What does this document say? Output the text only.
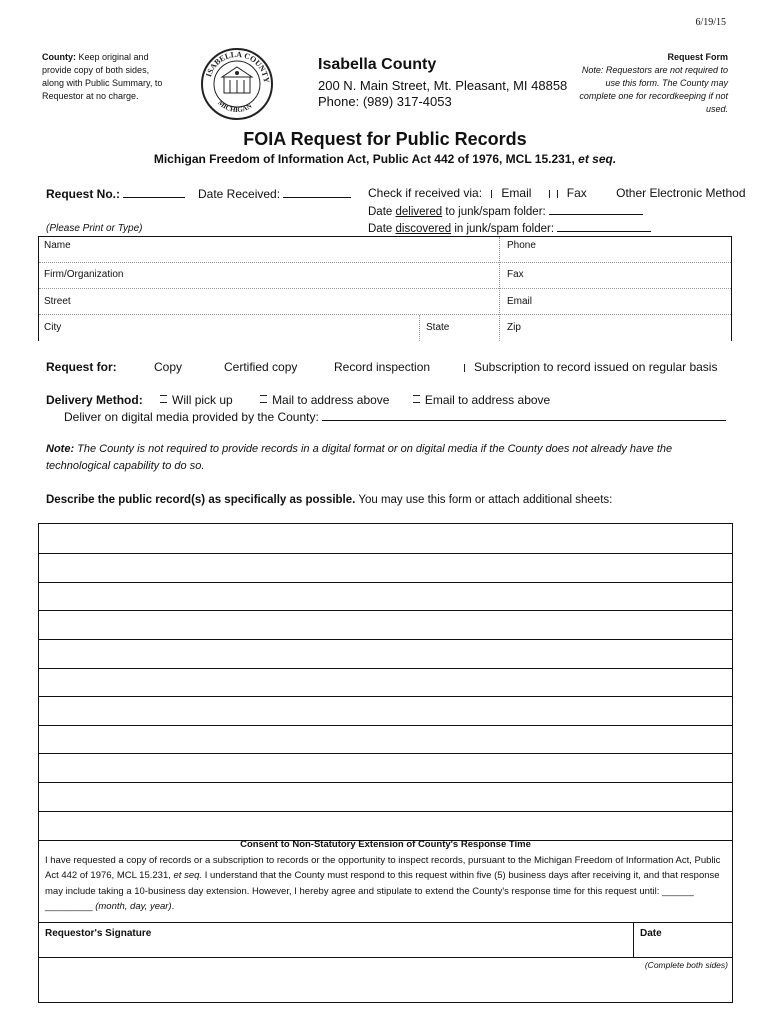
6/19/15
County: Keep original and provide copy of both sides, along with Public Summary, to Requestor at no charge.
ISABELLA COUNTY
MICHIGAN
Isabella County
200 N. Main Street, Mt. Pleasant, MI 48858
Phone: (989) 317-4053
Request Form
Note: Requestors are not required to use this form. The County may complete one for recordkeeping if not used.
FOIA Request for Public Records
Michigan Freedom of Information Act, Public Act 442 of 1976, MCL 15.231, et seq.
Request No.:	Date Received:	Check if received via: Email	Fax Other Electronic Method
Date delivered to junk/spam folder:
Date discovered in junk/spam folder:
(Please Print or Type)
Name	Phone
Firm/Organization	Fax
Street	Email
City	State	Zip
Request for:	Copy	Certified copy	Record inspection	Subscription to record issued on regular basis
Delivery Method: Will pick up	Mail to address above	Email to address above
Deliver on digital media provided by the County:
Note: The County is not required to provide records in a digital format or on digital media if the County does not already have the technological capability to do so.
Describe the public record(s) as specifically as possible. You may use this form or attach additional sheets:
Consent to Non-Statutory Extension of County's Response Time
I have requested a copy of records or a subscription to records or the opportunity to inspect records, pursuant to the Michigan Freedom of Information Act, Public Act 442 of 1976, MCL 15.231, et seq. I understand that the County must respond to this request within five (5) business days after receiving it, and that response may include taking a 10-business day extension. However, I hereby agree and stipulate to extend the County's response time for this request until: ______ _________ (month, day, year).
Requestor's Signature	Date
(Complete both sides)
